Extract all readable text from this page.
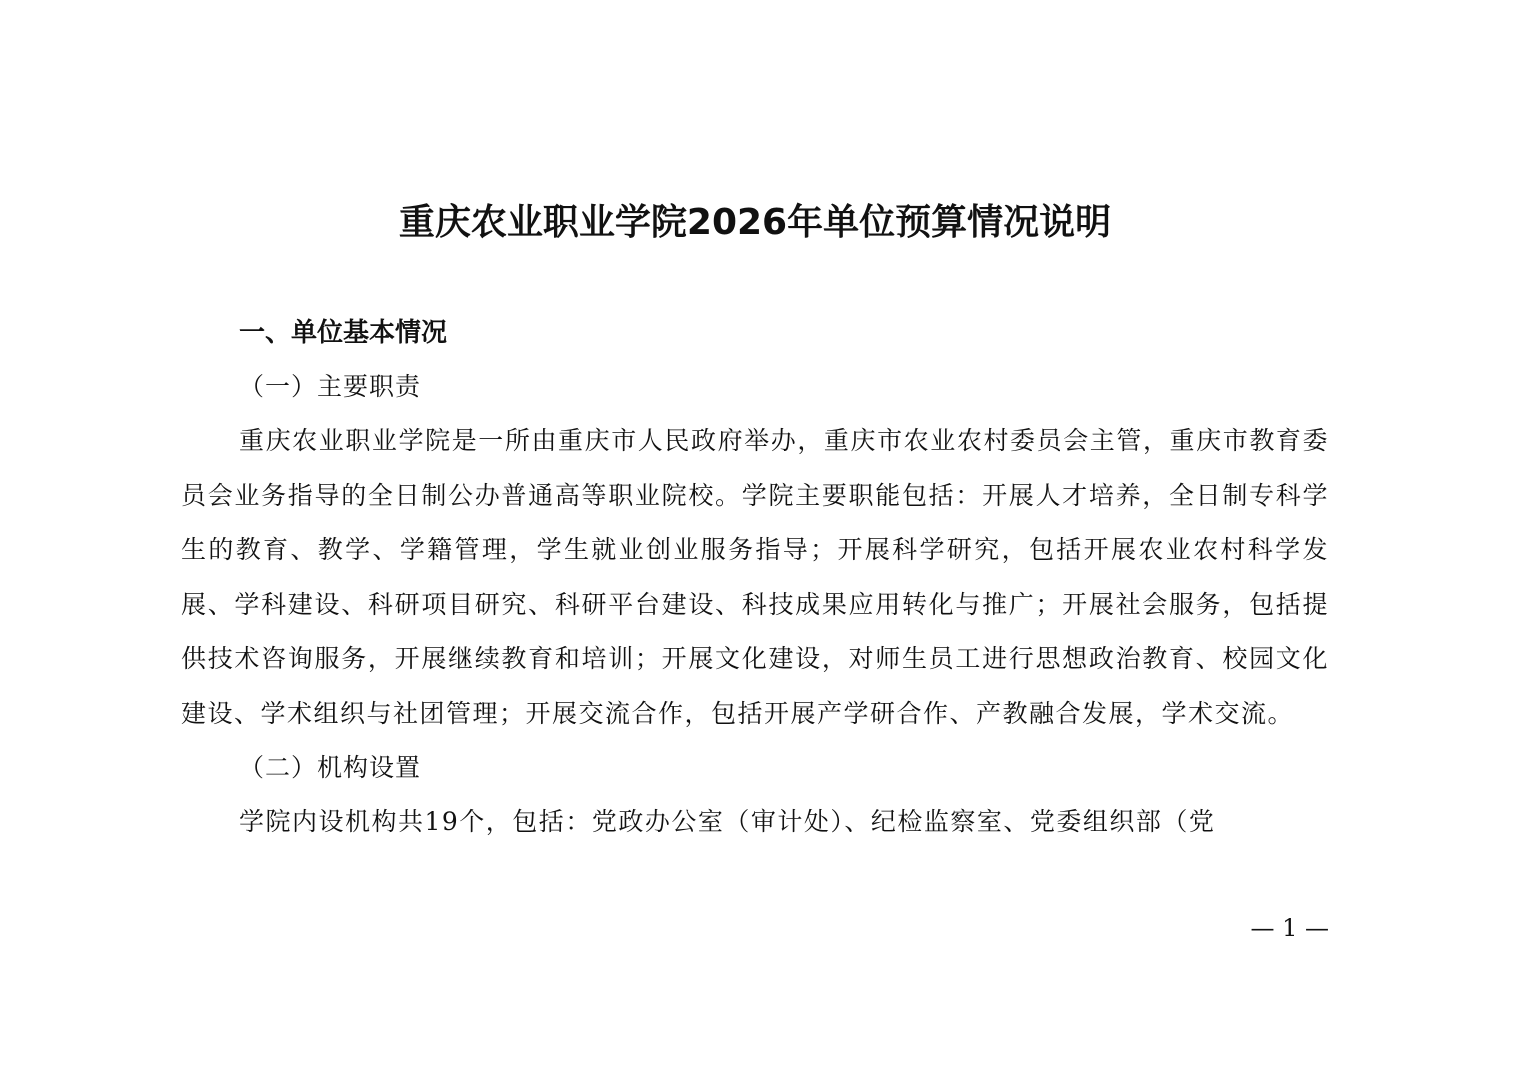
重庆农业职业学院2026年单位预算情况说明
一、单位基本情况
（一）主要职责

重庆农业职业学院是一所由重庆市人民政府举办，重庆市农业农村委员会主管，重庆市教育委员会业务指导的全日制公办普通高等职业院校。学院主要职能包括：开展人才培养，全日制专科学生的教育、教学、学籍管理，学生就业创业服务指导；开展科学研究，包括开展农业农村科学发展、学科建设、科研项目研究、科研平台建设、科技成果应用转化与推广；开展社会服务，包括提供技术咨询服务，开展继续教育和培训；开展文化建设，对师生员工进行思想政治教育、校园文化建设、学术组织与社团管理；开展交流合作，包括开展产学研合作、产教融合发展，学术交流。

（二）机构设置

学院内设机构共19个，包括：党政办公室（审计处）、纪检监察室、党委组织部（党

— 1 —
